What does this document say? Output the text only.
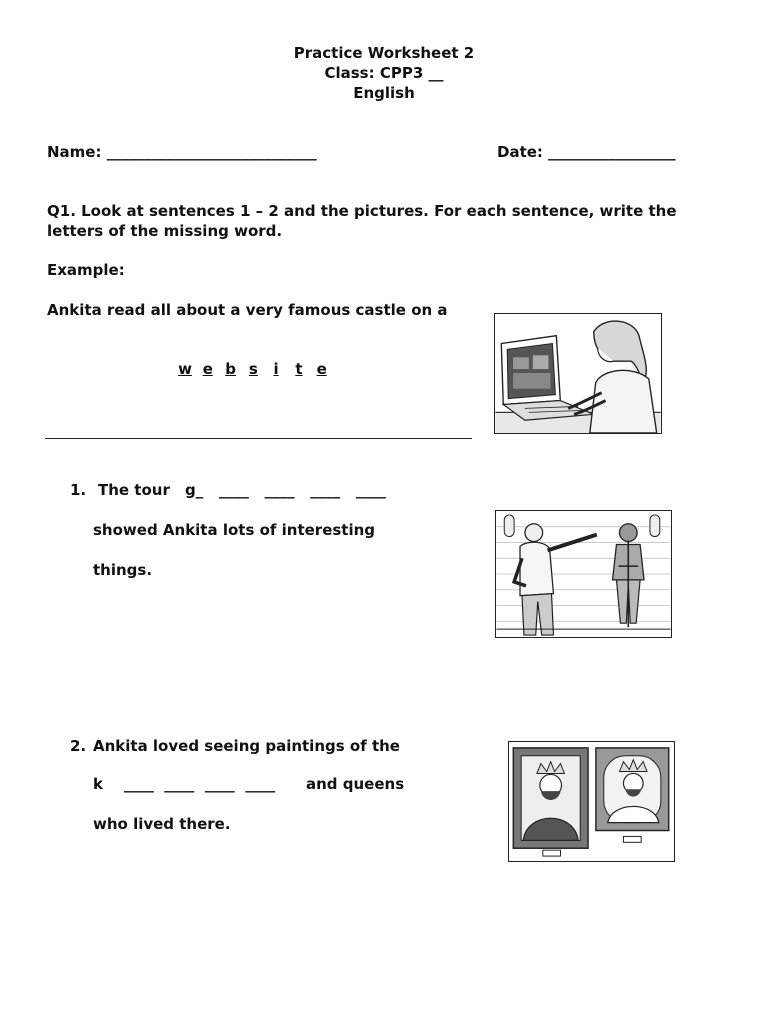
Practice Worksheet 2
Class: CPP3 __
English
Name: ____________________________	Date: _________________
Q1. Look at sentences 1 – 2 and the pictures. For each sentence, write the
letters of the missing word.
Example:
Ankita read all about a very famous castle on a
w e b s i t e
1. The tour g_   ____   ____   ____   ____
showed Ankita lots of interesting
things.
2. Ankita loved seeing paintings of the
k    ____  ____  ____  ____ and queens
who lived there.
